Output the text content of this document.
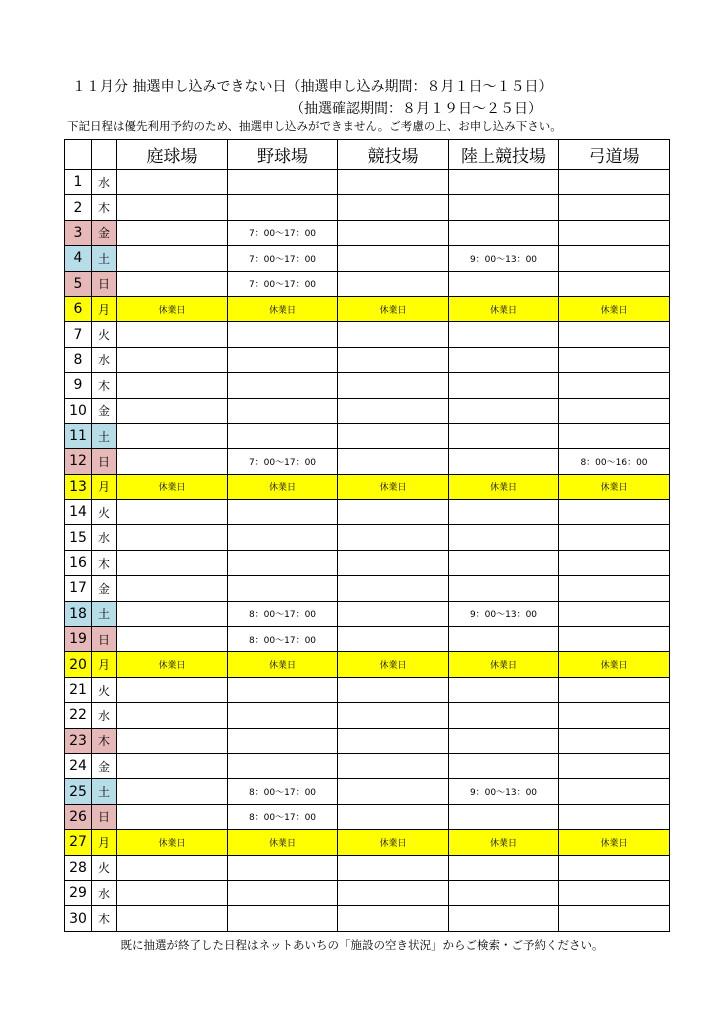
１１月分 抽選申し込みできない日（抽選申し込み期間：８月１日～１５日）
（抽選確認期間：８月１９日～２５日）
下記日程は優先利用予約のため、抽選申し込みができません。ご考慮の上、お申し込み下さい。
		庭球場	野球場	競技場	陸上競技場	弓道場
1	水					
2	木					
3	金		7：00～17：00			
4	土		7：00～17：00		9：00～13：00	
5	日		7：00～17：00			
6	月	休業日	休業日	休業日	休業日	休業日
7	火					
8	水					
9	木					
10	金					
11	土					
12	日		7：00～17：00			8：00～16：00
13	月	休業日	休業日	休業日	休業日	休業日
14	火					
15	水					
16	木					
17	金					
18	土		8：00～17：00		9：00～13：00	
19	日		8：00～17：00			
20	月	休業日	休業日	休業日	休業日	休業日
21	火					
22	水					
23	木					
24	金					
25	土		8：00～17：00		9：00～13：00	
26	日		8：00～17：00			
27	月	休業日	休業日	休業日	休業日	休業日
28	火					
29	水					
30	木					
既に抽選が終了した日程はネットあいちの「施設の空き状況」からご検索・ご予約ください。
